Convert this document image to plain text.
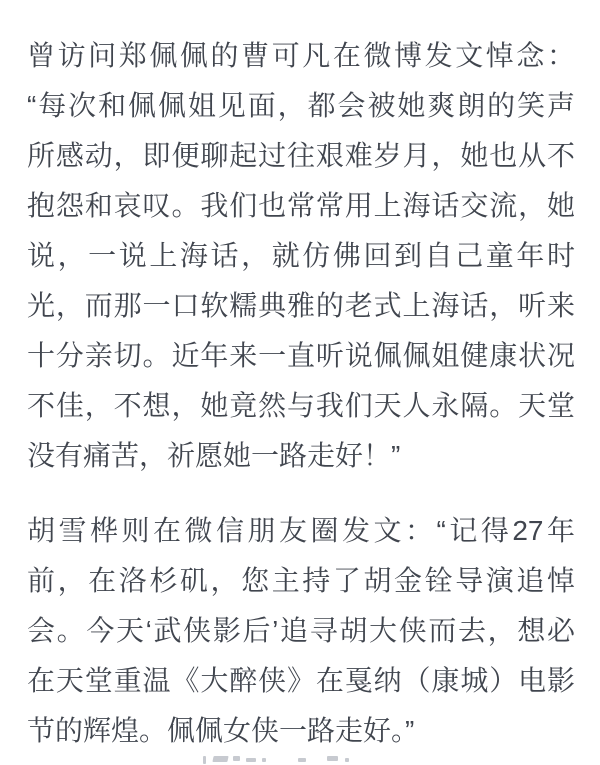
曾访问郑佩佩的曹可凡在微博发文悼念：
“每次和佩佩姐见面，都会被她爽朗的笑声
所感动，即便聊起过往艰难岁月，她也从不
抱怨和哀叹。我们也常常用上海话交流，她
说，一说上海话，就仿佛回到自己童年时
光，而那一口软糯典雅的老式上海话，听来
十分亲切。近年来一直听说佩佩姐健康状况
不佳，不想，她竟然与我们天人永隔。天堂
没有痛苦，祈愿她一路走好！”
胡雪桦则在微信朋友圈发文：“记得27年
前，在洛杉矶，您主持了胡金铨导演追悼
会。今天‘武侠影后’追寻胡大侠而去，想必
在天堂重温《大醉侠》在戛纳（康城）电影
节的辉煌。佩佩女侠一路走好。”
